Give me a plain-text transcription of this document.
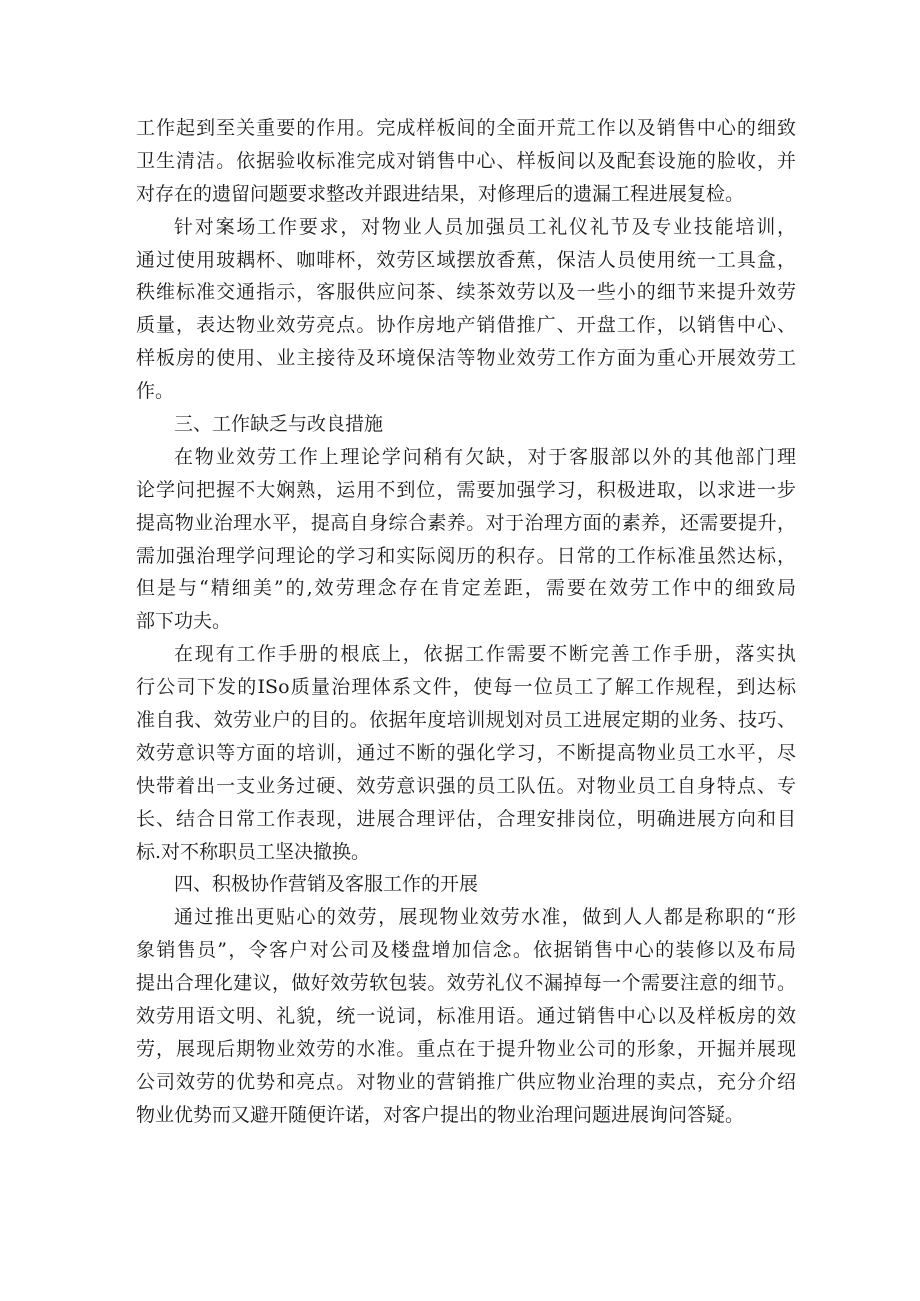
工作起到至关重要的作用。完成样板间的全面开荒工作以及销售中心的细致
卫生清洁。依据验收标准完成对销售中心、样板间以及配套设施的脸收，并
对存在的遗留问题要求整改并跟进结果，对修理后的遗漏工程进展复检。
针对案场工作要求，对物业人员加强员工礼仪礼节及专业技能培训，
通过使用玻耦杯、咖啡杯，效劳区域摆放香蕉，保洁人员使用统一工具盒，
秩维标准交通指示，客服供应问茶、续茶效劳以及一些小的细节来提升效劳
质量，表达物业效劳亮点。协作房地产销借推广、开盘工作，以销售中心、
样板房的使用、业主接待及环境保洁等物业效劳工作方面为重心开展效劳工
作。
三、工作缺乏与改良措施
在物业效劳工作上理论学问稍有欠缺，对于客服部以外的其他部门理
论学问把握不大娴熟，运用不到位，需要加强学习，积极进取，以求进一步
提高物业治理水平，提高自身综合素养。对于治理方面的素养，还需要提升，
需加强治理学问理论的学习和实际阅历的积存。日常的工作标准虽然达标，
但是与“精细美”的,效劳理念存在肯定差距，需要在效劳工作中的细致局
部下功夫。
在现有工作手册的根底上，依据工作需要不断完善工作手册，落实执
行公司下发的ISo质量治理体系文件，使每一位员工了解工作规程，到达标
准自我、效劳业户的目的。依据年度培训规划对员工进展定期的业务、技巧、
效劳意识等方面的培训，通过不断的强化学习，不断提高物业员工水平，尽
快带着出一支业务过硬、效劳意识强的员工队伍。对物业员工自身特点、专
长、结合日常工作表现，进展合理评估，合理安排岗位，明确进展方向和目
标.对不称职员工坚决撤换。
四、积极协作营销及客服工作的开展
通过推出更贴心的效劳，展现物业效劳水准，做到人人都是称职的“形
象销售员”，令客户对公司及楼盘增加信念。依据销售中心的装修以及布局
提出合理化建议，做好效劳软包装。效劳礼仪不漏掉每一个需要注意的细节。
效劳用语文明、礼貌，统一说词，标准用语。通过销售中心以及样板房的效
劳，展现后期物业效劳的水准。重点在于提升物业公司的形象，开掘并展现
公司效劳的优势和亮点。对物业的营销推广供应物业治理的卖点，充分介绍
物业优势而又避开随便许诺，对客户提出的物业治理问题进展询问答疑。
